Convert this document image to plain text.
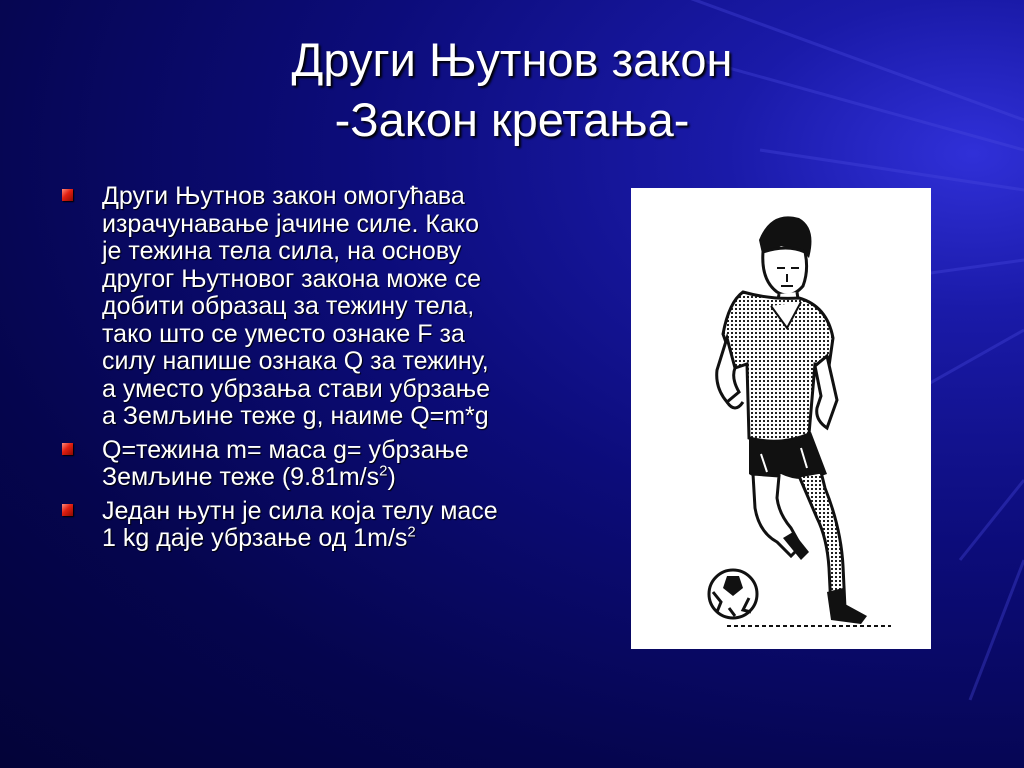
Други Њутнов закон
-Закон кретања-
Други Њутнов закон омогућава израчунавање јачине силе. Како је тежина тела сила, на основу другог Њутновог закона може се добити образац за тежину тела, тако што се уместо ознаке F за силу напише ознака Q за тежину, а уместо убрзања стави убрзање а Земљине теже g, наиме Q=m*g
Q=тежина m= маса g= убрзање Земљине теже $(9.81m/s^2)$
Један њутн је сила која телу масе 1 kg даје убрзање од $1m/s^2$
